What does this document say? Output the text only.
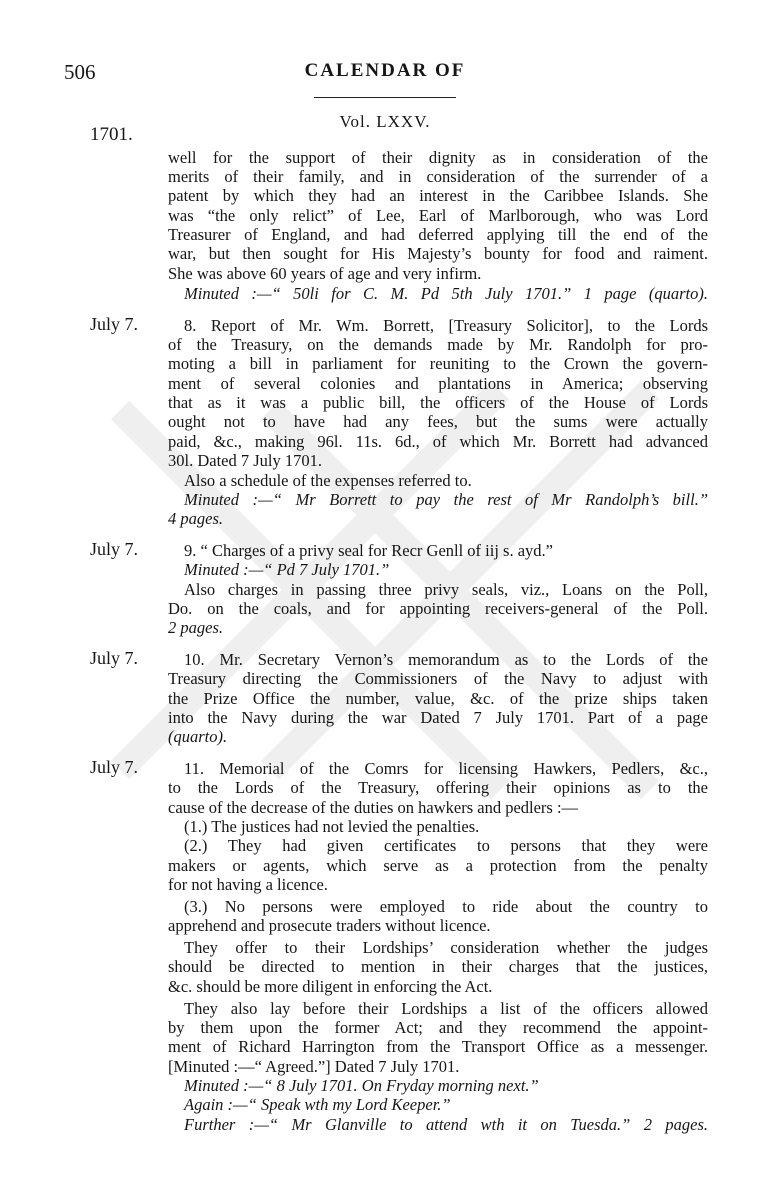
506	CALENDAR OF
Vol. LXXV.
1701.
well for the support of their dignity as in consideration of the
merits of their family, and in consideration of the surrender of a
patent by which they had an interest in the Caribbee Islands. She
was “the only relict” of Lee, Earl of Marlborough, who was Lord
Treasurer of England, and had deferred applying till the end of the
war, but then sought for His Majesty’s bounty for food and raiment.
She was above 60 years of age and very infirm.
Minuted :—“ 50li for C. M. Pd 5th July 1701.” 1 page (quarto).
July 7.	8. Report of Mr. Wm. Borrett, [Treasury Solicitor], to the Lords
of the Treasury, on the demands made by Mr. Randolph for pro-
moting a bill in parliament for reuniting to the Crown the govern-
ment of several colonies and plantations in America; observing
that as it was a public bill, the officers of the House of Lords
ought not to have had any fees, but the sums were actually
paid, &c., making 96l. 11s. 6d., of which Mr. Borrett had advanced
30l. Dated 7 July 1701.
Also a schedule of the expenses referred to.
Minuted :—“ Mr Borrett to pay the rest of Mr Randolph’s bill.”
4 pages.
July 7.	9. “ Charges of a privy seal for Recr Genll of iij s. ayd.”
Minuted :—“ Pd 7 July 1701.”
Also charges in passing three privy seals, viz., Loans on the Poll,
Do. on the coals, and for appointing receivers-general of the Poll.
2 pages.
July 7.	10. Mr. Secretary Vernon’s memorandum as to the Lords of the
Treasury directing the Commissioners of the Navy to adjust with
the Prize Office the number, value, &c. of the prize ships taken
into the Navy during the war Dated 7 July 1701. Part of a page
(quarto).
July 7.	11. Memorial of the Comrs for licensing Hawkers, Pedlers, &c.,
to the Lords of the Treasury, offering their opinions as to the
cause of the decrease of the duties on hawkers and pedlers :—
(1.) The justices had not levied the penalties.
(2.) They had given certificates to persons that they were
makers or agents, which serve as a protection from the penalty
for not having a licence.
(3.) No persons were employed to ride about the country to
apprehend and prosecute traders without licence.
They offer to their Lordships’ consideration whether the judges
should be directed to mention in their charges that the justices,
&c. should be more diligent in enforcing the Act.
They also lay before their Lordships a list of the officers allowed
by them upon the former Act; and they recommend the appoint-
ment of Richard Harrington from the Transport Office as a messenger.
[Minuted :—“ Agreed.”] Dated 7 July 1701.
Minuted :—“ 8 July 1701. On Fryday morning next.”
Again :—“ Speak wth my Lord Keeper.”
Further :—“ Mr Glanville to attend wth it on Tuesda.” 2 pages.
